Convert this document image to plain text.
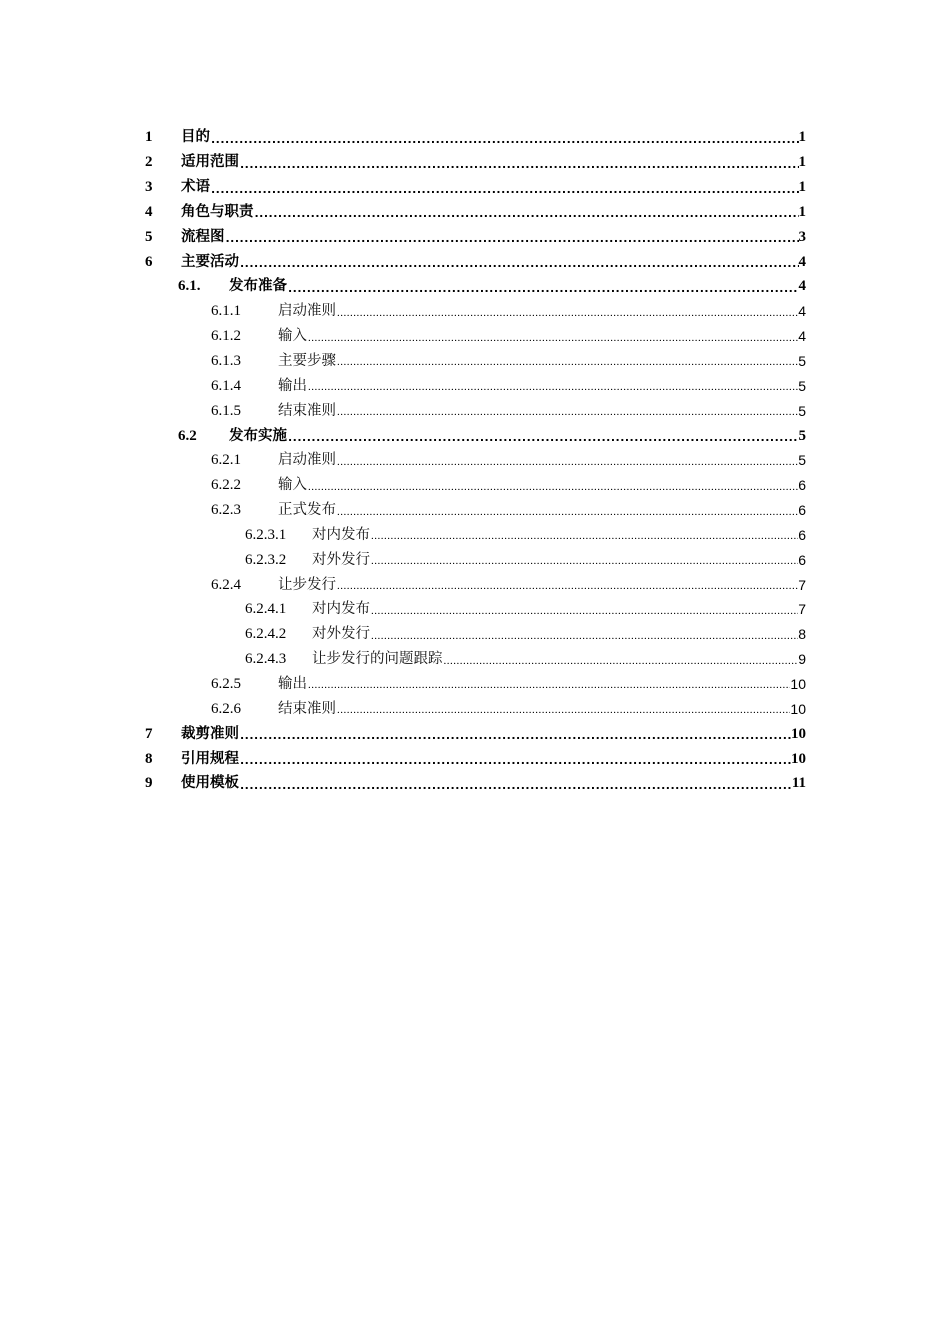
1	目的 .....	1
2	适用范围 .....	1
3	术语 .....	1
4	角色与职责 .....	1
5	流程图 .....	3
6	主要活动 .....	4
6.1.	发布准备 .....	4
6.1.1	启动准则 .....	4
6.1.2	输入 .....	4
6.1.3	主要步骤 .....	5
6.1.4	输出 .....	5
6.1.5	结束准则 .....	5
6.2	发布实施 .....	5
6.2.1	启动准则 .....	5
6.2.2	输入 .....	6
6.2.3	正式发布 .....	6
6.2.3.1	对内发布 .....	6
6.2.3.2	对外发行 .....	6
6.2.4	让步发行 .....	7
6.2.4.1	对内发布 .....	7
6.2.4.2	对外发行 .....	8
6.2.4.3	让步发行的问题跟踪 .....	9
6.2.5	输出 .....	10
6.2.6	结束准则 .....	10
7	裁剪准则 .....	10
8	引用规程 .....	10
9	使用模板 .....	11
